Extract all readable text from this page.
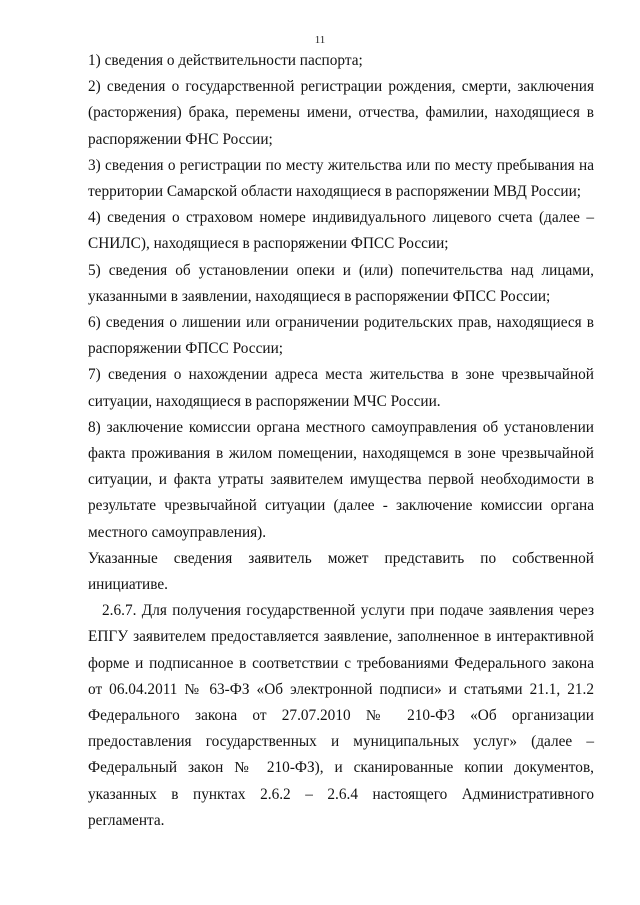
11

1) сведения о действительности паспорта;

2) сведения о государственной регистрации рождения, смерти, заключения (расторжения) брака, перемены имени, отчества, фамилии, находящиеся в распоряжении ФНС России;

3) сведения о регистрации по месту жительства или по месту пребывания на территории Самарской области находящиеся в распоряжении МВД России;

4) сведения о страховом номере индивидуального лицевого счета (далее – СНИЛС), находящиеся в распоряжении ФПСС России;

5) сведения об установлении опеки и (или) попечительства над лицами, указанными в заявлении, находящиеся в распоряжении ФПСС России;

6) сведения о лишении или ограничении родительских прав, находящиеся в распоряжении ФПСС России;

7) сведения о нахождении адреса места жительства в зоне чрезвычайной ситуации, находящиеся в распоряжении МЧС России.

8) заключение комиссии органа местного самоуправления об установлении факта проживания в жилом помещении, находящемся в зоне чрезвычайной ситуации, и факта утраты заявителем имущества первой необходимости в результате чрезвычайной ситуации (далее - заключение комиссии органа местного самоуправления).

Указанные сведения заявитель может представить по собственной инициативе.

2.6.7. Для получения государственной услуги при подаче заявления через ЕПГУ заявителем предоставляется заявление, заполненное в интерактивной форме и подписанное в соответствии с требованиями Федерального закона от 06.04.2011 № 63-ФЗ «Об электронной подписи» и статьями 21.1, 21.2 Федерального закона от 27.07.2010 № 210-ФЗ «Об организации предоставления государственных и муниципальных услуг» (далее – Федеральный закон № 210-ФЗ), и сканированные копии документов, указанных в пунктах 2.6.2 – 2.6.4 настоящего Административного регламента.
